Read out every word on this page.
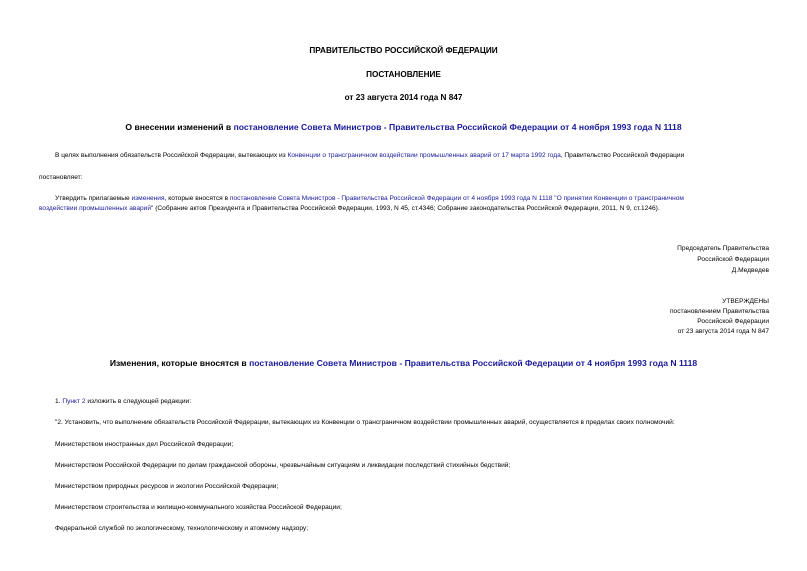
ПРАВИТЕЛЬСТВО РОССИЙСКОЙ ФЕДЕРАЦИИ
ПОСТАНОВЛЕНИЕ
от 23 августа 2014 года N 847
О внесении изменений в постановление Совета Министров - Правительства Российской Федерации от 4 ноября 1993 года N 1118
В целях выполнения обязательств Российской Федерации, вытекающих из Конвенции о трансграничном воздействии промышленных аварий от 17 марта 1992 года, Правительство Российской Федерации
постановляет:
Утвердить прилагаемые изменения, которые вносятся в постановление Совета Министров - Правительства Российской Федерации от 4 ноября 1993 года N 1118 "О принятии Конвенции о трансграничном
воздействии промышленных аварий" (Собрание актов Президента и Правительства Российской Федерации, 1993, N 45, ст.4346; Собрание законодательства Российской Федерации, 2011, N 9, ст.1246).
Председатель Правительства
Российской Федерации
Д.Медведев
УТВЕРЖДЕНЫ
постановлением Правительства
Российской Федерации
от 23 августа 2014 года N 847
Изменения, которые вносятся в постановление Совета Министров - Правительства Российской Федерации от 4 ноября 1993 года N 1118
1. Пункт 2 изложить в следующей редакции:
"2. Установить, что выполнение обязательств Российской Федерации, вытекающих из Конвенции о трансграничном воздействии промышленных аварий, осуществляется в пределах своих полномочий:
Министерством иностранных дел Российской Федерации;
Министерством Российской Федерации по делам гражданской обороны, чрезвычайным ситуациям и ликвидации последствий стихийных бедствий;
Министерством природных ресурсов и экологии Российской Федерации;
Министерством строительства и жилищно-коммунального хозяйства Российской Федерации;
Федеральной службой по экологическому, технологическому и атомному надзору;
